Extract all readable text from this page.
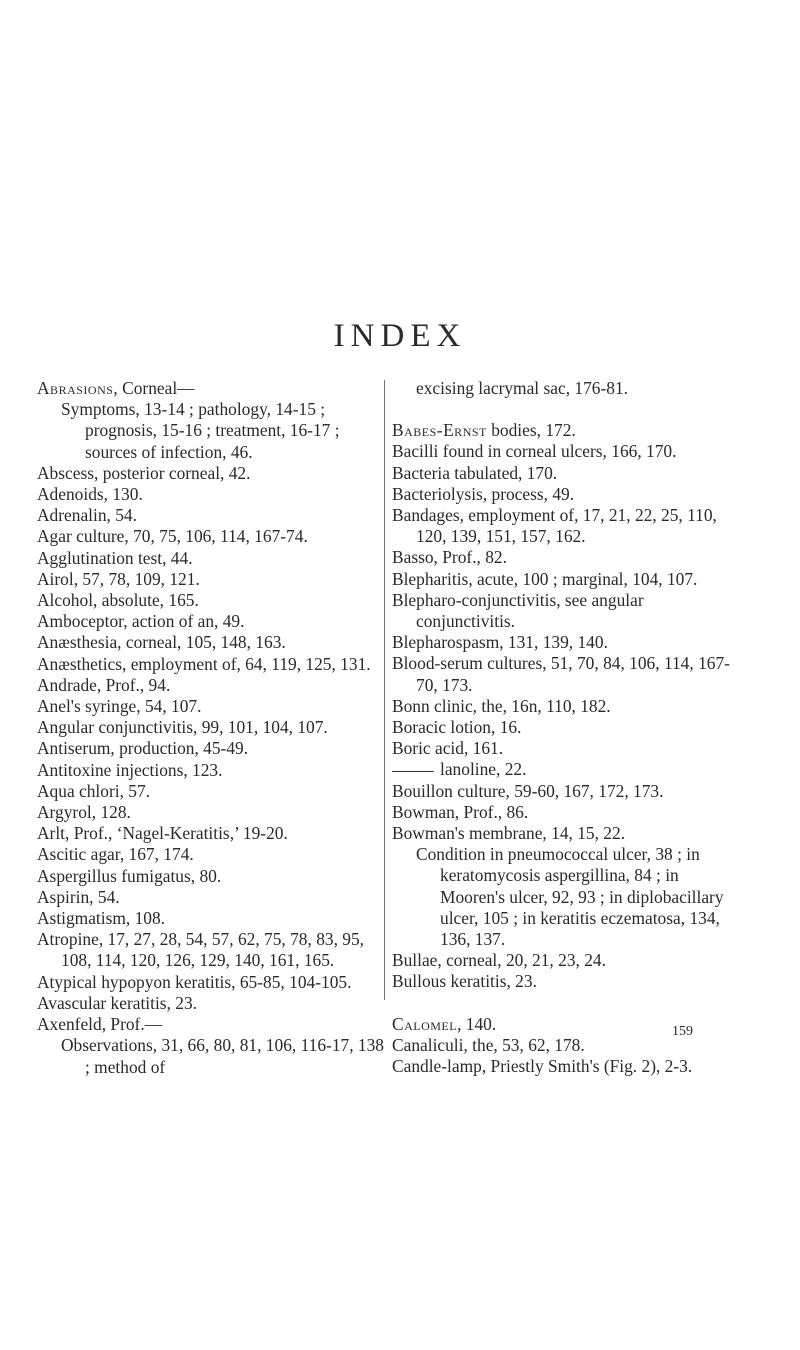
INDEX
Abrasions, Corneal—
Symptoms, 13-14 ; pathology, 14-15 ; prognosis, 15-16 ; treatment, 16-17 ; sources of infection, 46.
Abscess, posterior corneal, 42.
Adenoids, 130.
Adrenalin, 54.
Agar culture, 70, 75, 106, 114, 167-74.
Agglutination test, 44.
Airol, 57, 78, 109, 121.
Alcohol, absolute, 165.
Amboceptor, action of an, 49.
Anæsthesia, corneal, 105, 148, 163.
Anæsthetics, employment of, 64, 119, 125, 131.
Andrade, Prof., 94.
Anel's syringe, 54, 107.
Angular conjunctivitis, 99, 101, 104, 107.
Antiserum, production, 45-49.
Antitoxine injections, 123.
Aqua chlori, 57.
Argyrol, 128.
Arlt, Prof., ‘Nagel-Keratitis,’ 19-20.
Ascitic agar, 167, 174.
Aspergillus fumigatus, 80.
Aspirin, 54.
Astigmatism, 108.
Atropine, 17, 27, 28, 54, 57, 62, 75, 78, 83, 95, 108, 114, 120, 126, 129, 140, 161, 165.
Atypical hypopyon keratitis, 65-85, 104-105.
Avascular keratitis, 23.
Axenfeld, Prof.—
Observations, 31, 66, 80, 81, 106, 116-17, 138 ; method of
excising lacrymal sac, 176-81.
Babes-Ernst bodies, 172.
Bacilli found in corneal ulcers, 166, 170.
Bacteria tabulated, 170.
Bacteriolysis, process, 49.
Bandages, employment of, 17, 21, 22, 25, 110, 120, 139, 151, 157, 162.
Basso, Prof., 82.
Blepharitis, acute, 100 ; marginal, 104, 107.
Blepharo-conjunctivitis, see angular conjunctivitis.
Blepharospasm, 131, 139, 140.
Blood-serum cultures, 51, 70, 84, 106, 114, 167-70, 173.
Bonn clinic, the, 16n, 110, 182.
Boracic lotion, 16.
Boric acid, 161.
lanoline, 22.
Bouillon culture, 59-60, 167, 172, 173.
Bowman, Prof., 86.
Bowman's membrane, 14, 15, 22.
Condition in pneumococcal ulcer, 38 ; in keratomycosis aspergillina, 84 ; in Mooren's ulcer, 92, 93 ; in diplobacillary ulcer, 105 ; in keratitis eczematosa, 134, 136, 137.
Bullae, corneal, 20, 21, 23, 24.
Bullous keratitis, 23.
Calomel, 140.
Canaliculi, the, 53, 62, 178.
Candle-lamp, Priestly Smith's (Fig. 2), 2-3.
159
